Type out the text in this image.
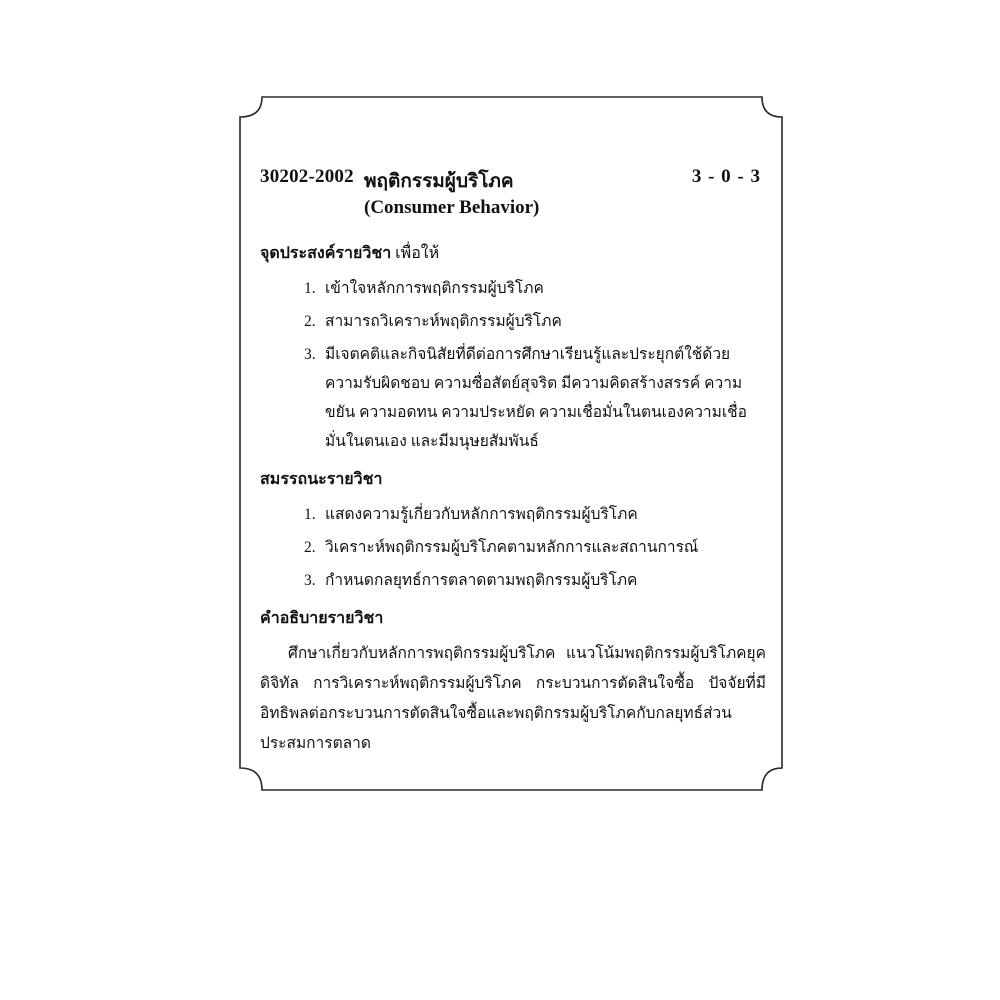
30202-2002 พฤติกรรมผู้บริโภค	3 - 0 - 3
(Consumer Behavior)
จุดประสงค์รายวิชา เพื่อให้
1. เข้าใจหลักการพฤติกรรมผู้บริโภค
2. สามารถวิเคราะห์พฤติกรรมผู้บริโภค
3. มีเจตคติและกิจนิสัยที่ดีต่อการศึกษาเรียนรู้และประยุกต์ใช้ด้วยความรับผิดชอบ ความซื่อสัตย์สุจริต มีความคิดสร้างสรรค์ ความขยัน ความอดทน ความประหยัด ความเชื่อมั่นในตนเองความเชื่อมั่นในตนเอง และมีมนุษยสัมพันธ์
สมรรถนะรายวิชา
1. แสดงความรู้เกี่ยวกับหลักการพฤติกรรมผู้บริโภค
2. วิเคราะห์พฤติกรรมผู้บริโภคตามหลักการและสถานการณ์
3. กำหนดกลยุทธ์การตลาดตามพฤติกรรมผู้บริโภค
คำอธิบายรายวิชา

ศึกษาเกี่ยวกับหลักการพฤติกรรมผู้บริโภค แนวโน้มพฤติกรรมผู้บริโภคยุคดิจิทัล การวิเคราะห์พฤติกรรมผู้บริโภค กระบวนการตัดสินใจซื้อ ปัจจัยที่มีอิทธิพลต่อกระบวนการตัดสินใจซื้อและพฤติกรรมผู้บริโภคกับกลยุทธ์ส่วนประสมการตลาด
